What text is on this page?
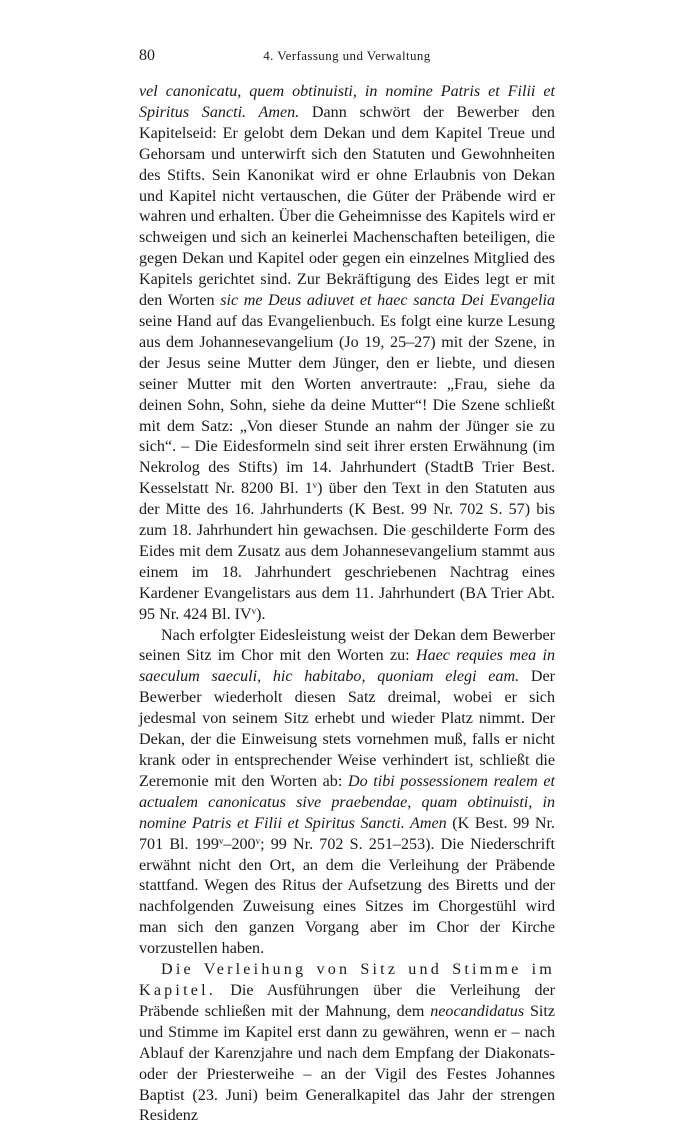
80	4. Verfassung und Verwaltung

vel canonicatu, quem obtinuisti, in nomine Patris et Filii et Spiritus Sancti. Amen. Dann schwört der Bewerber den Kapitelseid: Er gelobt dem Dekan und dem Kapitel Treue und Gehorsam und unterwirft sich den Statuten und Gewohnheiten des Stifts. Sein Kanonikat wird er ohne Erlaubnis von Dekan und Kapitel nicht vertauschen, die Güter der Präbende wird er wahren und erhalten. Über die Geheimnisse des Kapitels wird er schweigen und sich an keinerlei Machenschaften beteiligen, die gegen Dekan und Kapitel oder gegen ein einzelnes Mitglied des Kapitels gerichtet sind. Zur Bekräftigung des Eides legt er mit den Worten sic me Deus adiuvet et haec sancta Dei Evangelia seine Hand auf das Evangelienbuch. Es folgt eine kurze Lesung aus dem Johannesevangelium (Jo 19, 25–27) mit der Szene, in der Jesus seine Mutter dem Jünger, den er liebte, und diesen seiner Mutter mit den Worten anvertraute: „Frau, siehe da deinen Sohn, Sohn, siehe da deine Mutter“! Die Szene schließt mit dem Satz: „Von dieser Stunde an nahm der Jünger sie zu sich“. – Die Eidesformeln sind seit ihrer ersten Erwähnung (im Nekrolog des Stifts) im 14. Jahrhundert (StadtB Trier Best. Kesselstatt Nr. 8200 Bl. 1$^v$) über den Text in den Statuten aus der Mitte des 16. Jahrhunderts (K Best. 99 Nr. 702 S. 57) bis zum 18. Jahrhundert hin gewachsen. Die geschilderte Form des Eides mit dem Zusatz aus dem Johannesevangelium stammt aus einem im 18. Jahrhundert geschriebenen Nachtrag eines Kardener Evangelistars aus dem 11. Jahrhundert (BA Trier Abt. 95 Nr. 424 Bl. $IV^v$).

Nach erfolgter Eidesleistung weist der Dekan dem Bewerber seinen Sitz im Chor mit den Worten zu: Haec requies mea in saeculum saeculi, hic habitabo, quoniam elegi eam. Der Bewerber wiederholt diesen Satz dreimal, wobei er sich jedesmal von seinem Sitz erhebt und wieder Platz nimmt. Der Dekan, der die Einweisung stets vornehmen muß, falls er nicht krank oder in entsprechender Weise verhindert ist, schließt die Zeremonie mit den Worten ab: Do tibi possessionem realem et actualem canonicatus sive praebendae, quam obtinuisti, in nomine Patris et Filii et Spiritus Sancti. Amen (K Best. 99 Nr. 701 Bl. 199$^v$–200$^v$; 99 Nr. 702 S. 251–253). Die Niederschrift erwähnt nicht den Ort, an dem die Verleihung der Präbende stattfand. Wegen des Ritus der Aufsetzung des Biretts und der nachfolgenden Zuweisung eines Sitzes im Chorgestühl wird man sich den ganzen Vorgang aber im Chor der Kirche vorzustellen haben.

Die Verleihung von Sitz und Stimme im Kapitel. Die Ausführungen über die Verleihung der Präbende schließen mit der Mahnung, dem neocandidatus Sitz und Stimme im Kapitel erst dann zu gewähren, wenn er – nach Ablauf der Karenzjahre und nach dem Empfang der Diakonats- oder der Priesterweihe – an der Vigil des Festes Johannes Baptist (23. Juni) beim Generalkapitel das Jahr der strengen Residenz
